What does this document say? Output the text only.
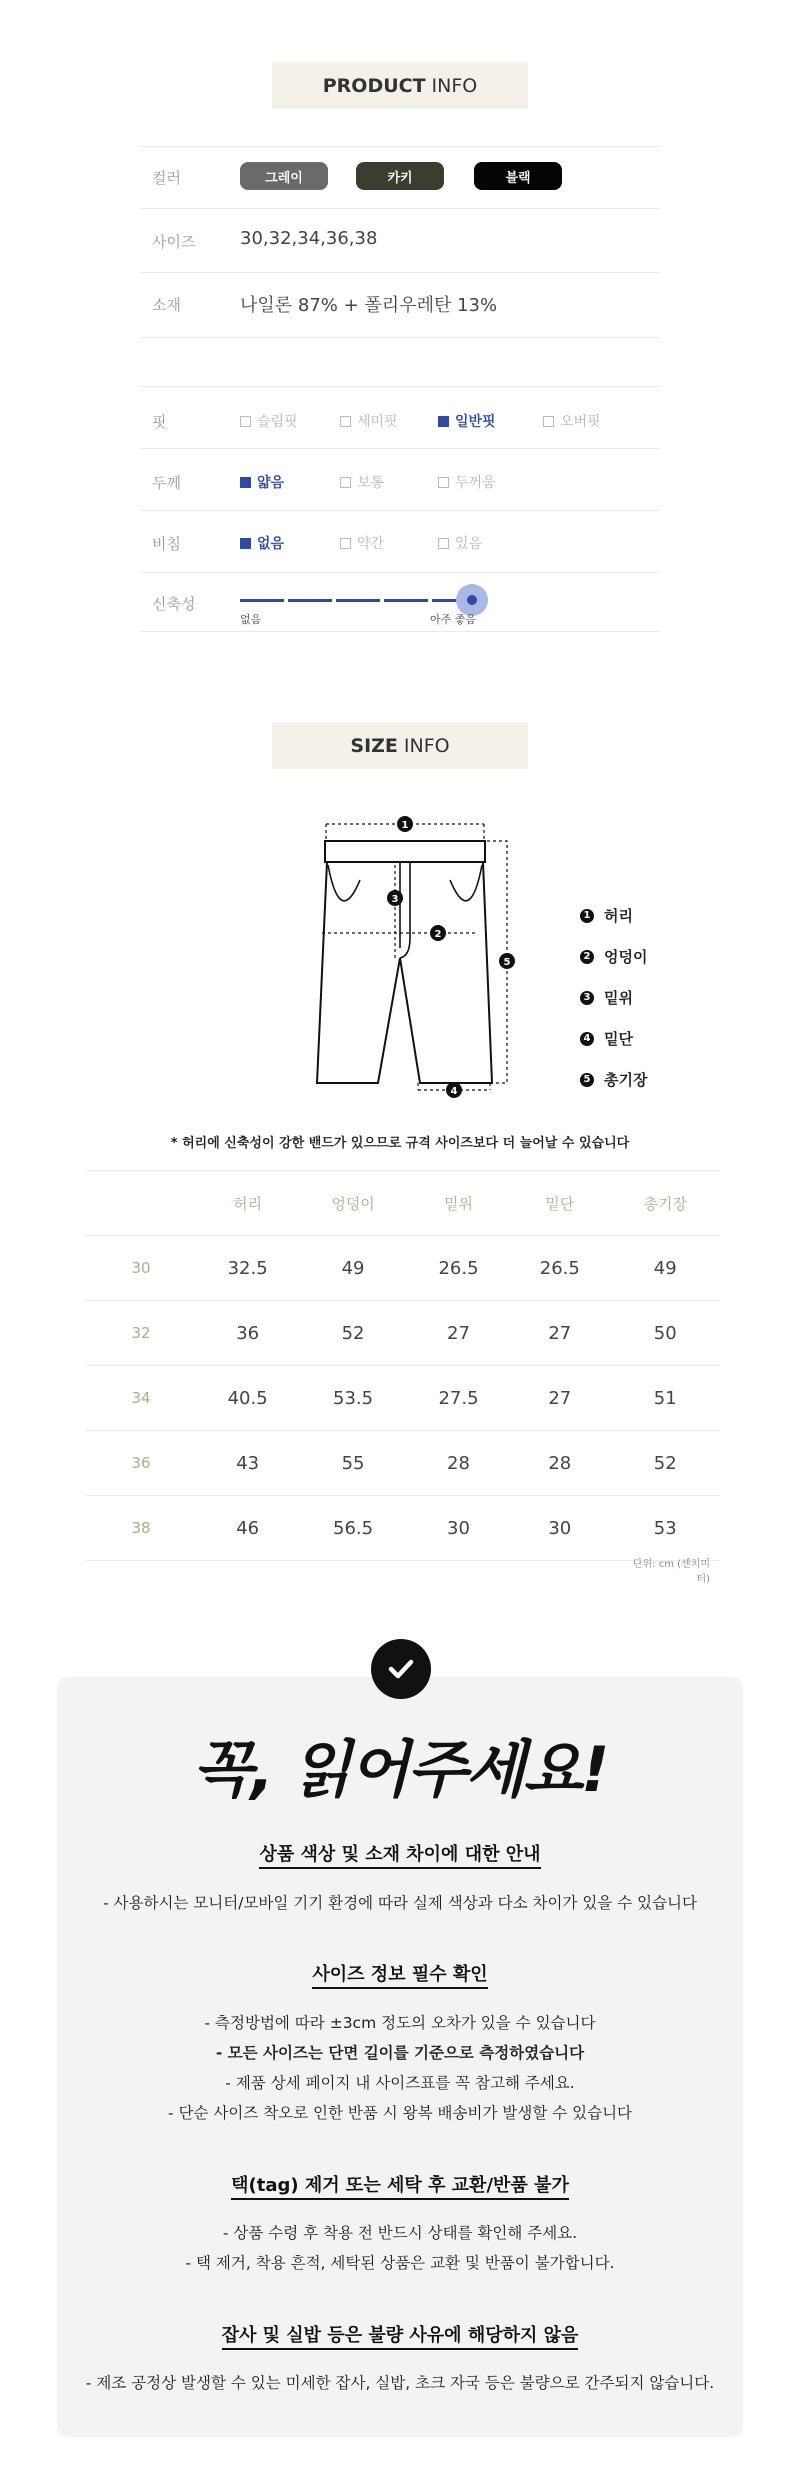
PRODUCT INFO
컬러	그레이	카키	블랙
사이즈 30,32,34,36,38
소재	나일론 87% + 폴리우레탄 13%
핏	슬림핏	세미핏	일반핏	오버핏
두께	얇음	보통	두꺼움
비침	없음	약간	있음
신축성
없음	아주 좋음
SIZE INFO
1
2
3
4
5
1 허리
2 엉덩이
3 밑위
4 밑단
5 총기장
* 허리에 신축성이 강한 밴드가 있으므로 규격 사이즈보다 더 늘어날 수 있습니다
	허리	엉덩이	밑위	밑단	총기장
30	32.5	49	26.5	26.5	49
32	36	52	27	27	50
34	40.5	53.5	27.5	27	51
36	43	55	28	28	52
38	46	56.5	30	30	53
단위: cm (센치미터)
꼭, 읽어주세요!
상품 색상 및 소재 차이에 대한 안내
- 사용하시는 모니터/모바일 기기 환경에 따라 실제 색상과 다소 차이가 있을 수 있습니다
사이즈 정보 필수 확인
- 측정방법에 따라 ±3cm 정도의 오차가 있을 수 있습니다
- 모든 사이즈는 단면 길이를 기준으로 측정하였습니다
- 제품 상세 페이지 내 사이즈표를 꼭 참고해 주세요.
- 단순 사이즈 착오로 인한 반품 시 왕복 배송비가 발생할 수 있습니다
택(tag) 제거 또는 세탁 후 교환/반품 불가
- 상품 수령 후 착용 전 반드시 상태를 확인해 주세요.
- 택 제거, 착용 흔적, 세탁된 상품은 교환 및 반품이 불가합니다.
잡사 및 실밥 등은 불량 사유에 해당하지 않음
- 제조 공정상 발생할 수 있는 미세한 잡사, 실밥, 초크 자국 등은 불량으로 간주되지 않습니다.
